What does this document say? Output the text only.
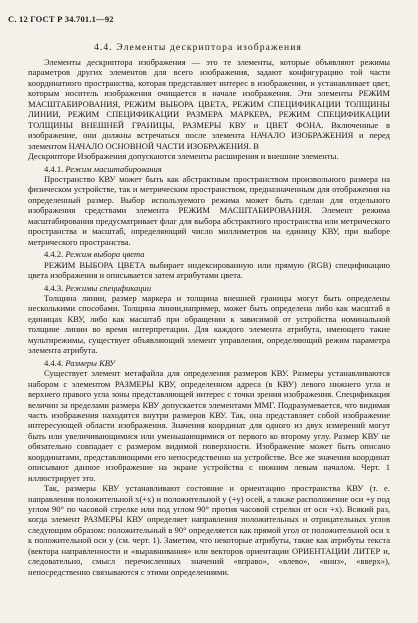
С. 12 ГОСТ Р 34.701.1—92
4.4. Элементы дескриптора изображения

Элементы дескриптора изображения — это те элементы, которые объявляют режимы параметров других элементов для всего изображения, задают конфигурацию той части координатного пространства, которая представляет интерес в изображении, и устанавливает цвет, которым носитель изображения очищается в начале изображения. Эти элементы РЕЖИМ МАСШТАБИРОВАНИЯ, РЕЖИМ ВЫБОРА ЦВЕТА, РЕЖИМ СПЕЦИФИКАЦИИ ТОЛЩИНЫ ЛИНИИ, РЕЖИМ СПЕЦИФИКАЦИИ РАЗМЕРА МАРКЕРА, РЕЖИМ СПЕЦИФИКАЦИИ ТОЛЩИНЫ ВНЕШНЕЙ ГРАНИЦЫ, РАЗМЕРЫ КВУ и ЦВЕТ ФОНА. Включенные в изображение, они должны встречаться после элемента НАЧАЛО ИЗОБРАЖЕНИЯ и перед элементом НАЧАЛО ОСНОВНОЙ ЧАСТИ ИЗОБРАЖЕНИЯ. В

Дескрипторе Изображения допускаются элементы расширения и внешние элементы.

4.4.1. Режим масштабирования

Пространство КВУ может быть как абстрактным пространством произвольного размера на физическом устройстве, так и метрическим пространством, предназначенным для отображения на определенный размер. Выбор используемого режима может быть сделан для отдельного изображения средствами элемента РЕЖИМ МАСШТАБИРОВАНИЯ. Элемент режима масштабирования предусматривает флаг для выбора абстрактного пространства или метрического пространства и масштаб, определяющий число миллиметров на единицу КВУ, при выборе метрического пространства.

4.4.2. Режим выбора цвета

РЕЖИМ ВЫБОРА ЦВЕТА выбирает индексированную или прямую (RGB) спецификацию цвета изображения и описывается затем атрибутами цвета.

4.4.3. Режимы спецификации

Толщина линии, размер маркера и толщина внешней границы могут быть определены несколькими способами. Толщина линии,например, может быть определена либо как масштаб в единицах КВУ, либо как масштаб при обращении к зависимой от устройства номинальной толщине линии во время интерпретации. Для каждого элемента атрибута, имеющего такие мультирежимы, существует объявляющий элемент управления, определяющий режим параметра элемента атрибута.

4.4.4. Размеры КВУ

Существует элемент метафайла для определения размеров КВУ. Размеры устанавливаются набором с элементом РАЗМЕРЫ КВУ, определенном адреса (в КВУ) левого нижнего угла и верхнего правого угла зоны представляющей интерес с точки зрения изображения. Спецификация величин за пределами размера КВУ допускается элементами ММГ. Подразумевается, что видимая часть изображения находится внутри размеров КВУ. Так, она представляет собой изображение интересующей области изображения. Значения координат для одного из двух измерений могут быть или увеличивающимися или уменьшающимися от первого ко второму углу. Размер КВУ не обязательно совпадает с размером видимой поверхности. Изображение может быть описано координатами, представляющими его непосредственно на устройстве. Все же значения координат описывают данное изображение на экране устройства с нижним левым началом. Черт. 1 иллюстрирует это.

Так, размеры КВУ устанавливают состояние и ориентацию пространства КВУ (т. е. направления положительной x(+x) и положительной y (+y) осей, а также расположение оси +y под углом 90° по часовой стрелке или под углом 90° против часовой стрелки от оси +x). Всякий раз, когда элемент РАЗМЕРЫ КВУ определяет направления положительных и отрицательных углов следующим образом: положительный в 90° определяется как прямой угол от положительной оси x к положительной оси y (см. черт. 1). Заметим, что некоторые атрибуты, такие как атрибуты текста (вектора направленности и «выравнивания» или векторов ориентации ОРИЕНТАЦИИ ЛИТЕР и, следовательно, смысл перечисленных значений «вправо», «влево», «вниз», «вверх»), непосредственно связываются с этими определениями.
